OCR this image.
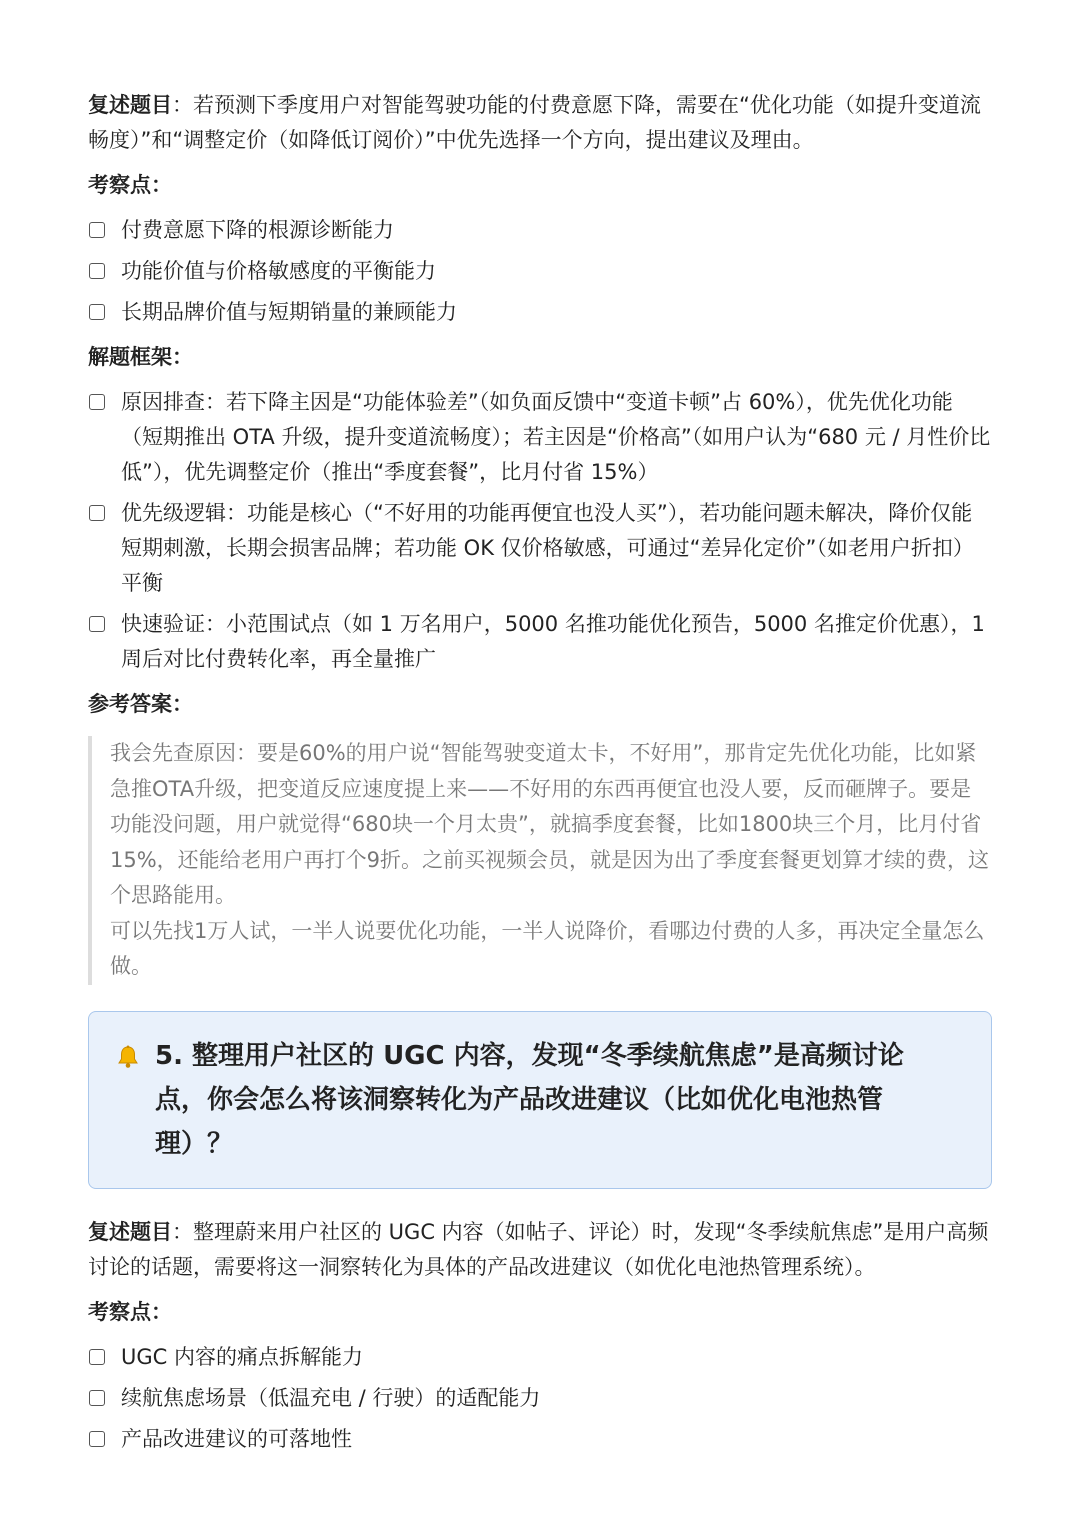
复述题目：若预测下季度用户对智能驾驶功能的付费意愿下降，需要在“优化功能（如提升变道流畅度）”和“调整定价（如降低订阅价）”中优先选择一个方向，提出建议及理由。

考察点：
付费意愿下降的根源诊断能力
功能价值与价格敏感度的平衡能力
长期品牌价值与短期销量的兼顾能力
解题框架：
原因排查：若下降主因是“功能体验差”（如负面反馈中“变道卡顿”占 60%），优先优化功能（短期推出 OTA 升级，提升变道流畅度）；若主因是“价格高”（如用户认为“680 元 / 月性价比低”），优先调整定价（推出“季度套餐”，比月付省 15%）
优先级逻辑：功能是核心（“不好用的功能再便宜也没人买”），若功能问题未解决，降价仅能短期刺激，长期会损害品牌；若功能 OK 仅价格敏感，可通过“差异化定价”（如老用户折扣）平衡
快速验证：小范围试点（如 1 万名用户，5000 名推功能优化预告，5000 名推定价优惠），1 周后对比付费转化率，再全量推广
参考答案：

我会先查原因：要是60%的用户说“智能驾驶变道太卡，不好用”，那肯定先优化功能，比如紧急推OTA升级，把变道反应速度提上来——不好用的东西再便宜也没人要，反而砸牌子。要是功能没问题，用户就觉得“680块一个月太贵”，就搞季度套餐，比如1800块三个月，比月付省15%，还能给老用户再打个9折。之前买视频会员，就是因为出了季度套餐更划算才续的费，这个思路能用。

可以先找1万人试，一半人说要优化功能，一半人说降价，看哪边付费的人多，再决定全量怎么做。

5. 整理用户社区的 UGC 内容，发现“冬季续航焦虑”是高频讨论点，你会怎么将该洞察转化为产品改进建议（比如优化电池热管理）？

复述题目：整理蔚来用户社区的 UGC 内容（如帖子、评论）时，发现“冬季续航焦虑”是用户高频讨论的话题，需要将这一洞察转化为具体的产品改进建议（如优化电池热管理系统）。

考察点：
UGC 内容的痛点拆解能力
续航焦虑场景（低温充电 / 行驶）的适配能力
产品改进建议的可落地性
